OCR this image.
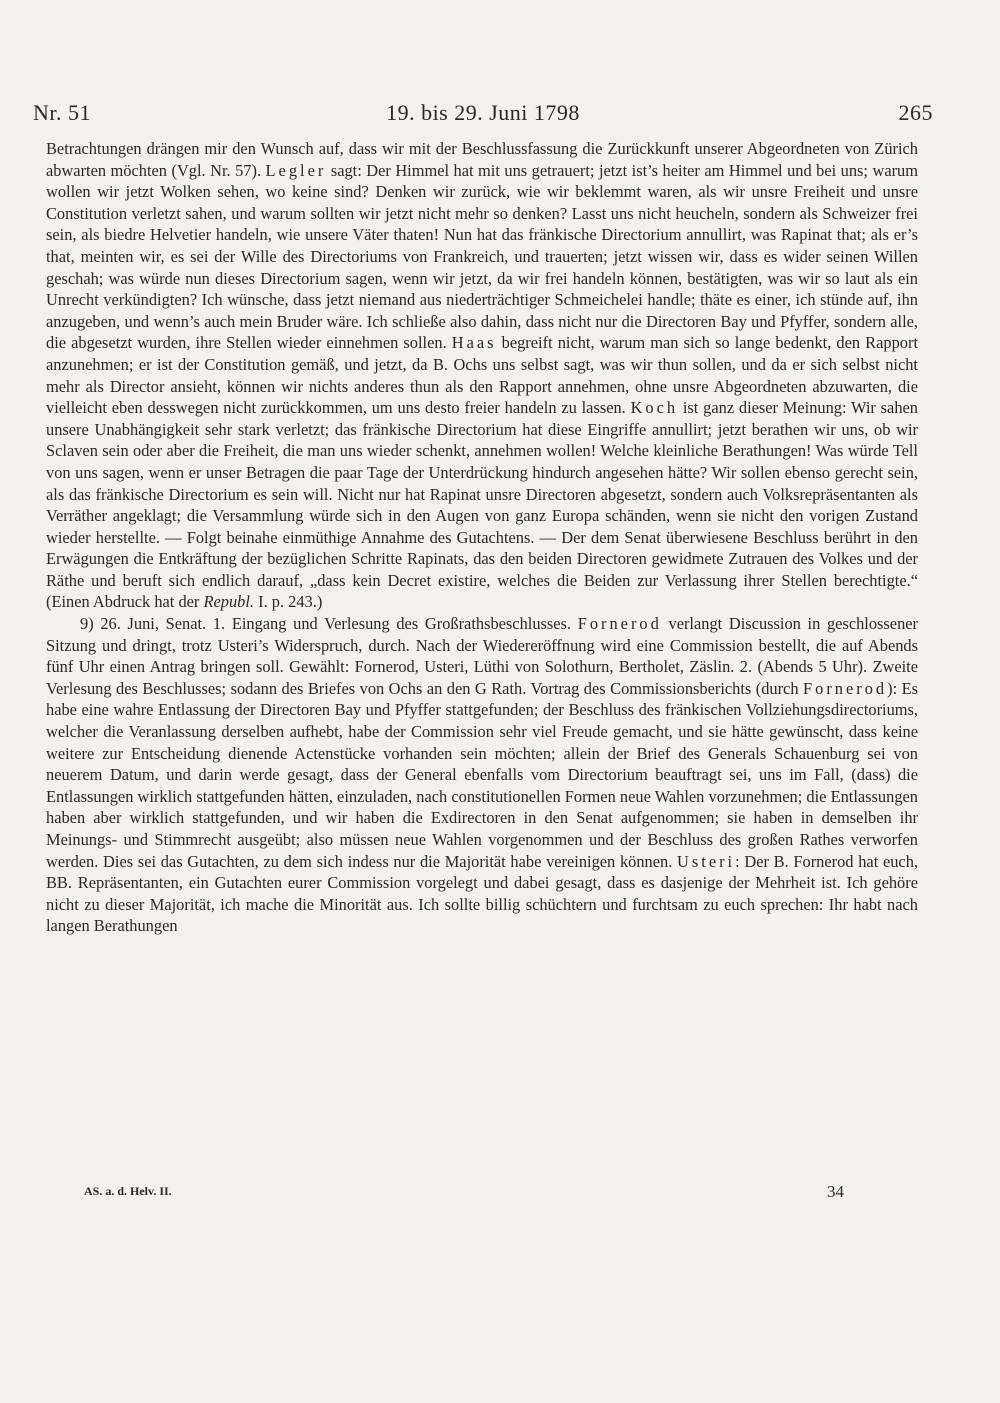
Nr. 51	19. bis 29. Juni 1798	265

Betrachtungen drängen mir den Wunsch auf, dass wir mit der Beschlussfassung die Zurückkunft unserer Abgeordneten von Zürich abwarten möchten (Vgl. Nr. 57). Legler sagt: Der Himmel hat mit uns getrauert; jetzt ist’s heiter am Himmel und bei uns; warum wollen wir jetzt Wolken sehen, wo keine sind? Denken wir zurück, wie wir beklemmt waren, als wir unsre Freiheit und unsre Constitution verletzt sahen, und warum sollten wir jetzt nicht mehr so denken? Lasst uns nicht heucheln, sondern als Schweizer frei sein, als biedre Helvetier handeln, wie unsere Väter thaten! Nun hat das fränkische Directorium annullirt, was Rapinat that; als er’s that, meinten wir, es sei der Wille des Directoriums von Frankreich, und trauerten; jetzt wissen wir, dass es wider seinen Willen geschah; was würde nun dieses Directorium sagen, wenn wir jetzt, da wir frei handeln können, bestätigten, was wir so laut als ein Unrecht verkündigten? Ich wünsche, dass jetzt niemand aus niederträchtiger Schmeichelei handle; thäte es einer, ich stünde auf, ihn anzugeben, und wenn’s auch mein Bruder wäre. Ich schließe also dahin, dass nicht nur die Directoren Bay und Pfyffer, sondern alle, die abgesetzt wurden, ihre Stellen wieder einnehmen sollen. Haas begreift nicht, warum man sich so lange bedenkt, den Rapport anzunehmen; er ist der Constitution gemäß, und jetzt, da B. Ochs uns selbst sagt, was wir thun sollen, und da er sich selbst nicht mehr als Director ansieht, können wir nichts anderes thun als den Rapport annehmen, ohne unsre Abgeordneten abzuwarten, die vielleicht eben desswegen nicht zurückkommen, um uns desto freier handeln zu lassen. Koch ist ganz dieser Meinung: Wir sahen unsere Unabhängigkeit sehr stark verletzt; das fränkische Directorium hat diese Eingriffe annullirt; jetzt berathen wir uns, ob wir Sclaven sein oder aber die Freiheit, die man uns wieder schenkt, annehmen wollen! Welche kleinliche Berathungen! Was würde Tell von uns sagen, wenn er unser Betragen die paar Tage der Unterdrückung hindurch angesehen hätte? Wir sollen ebenso gerecht sein, als das fränkische Directorium es sein will. Nicht nur hat Rapinat unsre Directoren abgesetzt, sondern auch Volksrepräsentanten als Verräther angeklagt; die Versammlung würde sich in den Augen von ganz Europa schänden, wenn sie nicht den vorigen Zustand wieder herstellte. — Folgt beinahe einmüthige Annahme des Gutachtens. — Der dem Senat überwiesene Beschluss berührt in den Erwägungen die Entkräftung der bezüglichen Schritte Rapinats, das den beiden Directoren gewidmete Zutrauen des Volkes und der Räthe und beruft sich endlich darauf, „dass kein Decret existire, welches die Beiden zur Verlassung ihrer Stellen berechtigte.“ (Einen Abdruck hat der Republ. I. p. 243.)

9) 26. Juni, Senat. 1. Eingang und Verlesung des Großrathsbeschlusses. Fornerod verlangt Discussion in geschlossener Sitzung und dringt, trotz Usteri’s Widerspruch, durch. Nach der Wiedereröffnung wird eine Commission bestellt, die auf Abends fünf Uhr einen Antrag bringen soll. Gewählt: Fornerod, Usteri, Lüthi von Solothurn, Bertholet, Zäslin. 2. (Abends 5 Uhr). Zweite Verlesung des Beschlusses; sodann des Briefes von Ochs an den G Rath. Vortrag des Commissionsberichts (durch Fornerod): Es habe eine wahre Entlassung der Directoren Bay und Pfyffer stattgefunden; der Beschluss des fränkischen Vollziehungsdirectoriums, welcher die Veranlassung derselben aufhebt, habe der Commission sehr viel Freude gemacht, und sie hätte gewünscht, dass keine weitere zur Entscheidung dienende Actenstücke vorhanden sein möchten; allein der Brief des Generals Schauenburg sei von neuerem Datum, und darin werde gesagt, dass der General ebenfalls vom Directorium beauftragt sei, uns im Fall, (dass) die Entlassungen wirklich stattgefunden hätten, einzuladen, nach constitutionellen Formen neue Wahlen vorzunehmen; die Entlassungen haben aber wirklich stattgefunden, und wir haben die Exdirectoren in den Senat aufgenommen; sie haben in demselben ihr Meinungs- und Stimmrecht ausgeübt; also müssen neue Wahlen vorgenommen und der Beschluss des großen Rathes verworfen werden. Dies sei das Gutachten, zu dem sich indess nur die Majorität habe vereinigen können. Usteri: Der B. Fornerod hat euch, BB. Repräsentanten, ein Gutachten eurer Commission vorgelegt und dabei gesagt, dass es dasjenige der Mehrheit ist. Ich gehöre nicht zu dieser Majorität, ich mache die Minorität aus. Ich sollte billig schüchtern und furchtsam zu euch sprechen: Ihr habt nach langen Berathungen

AS. a. d. Helv. II.	34
